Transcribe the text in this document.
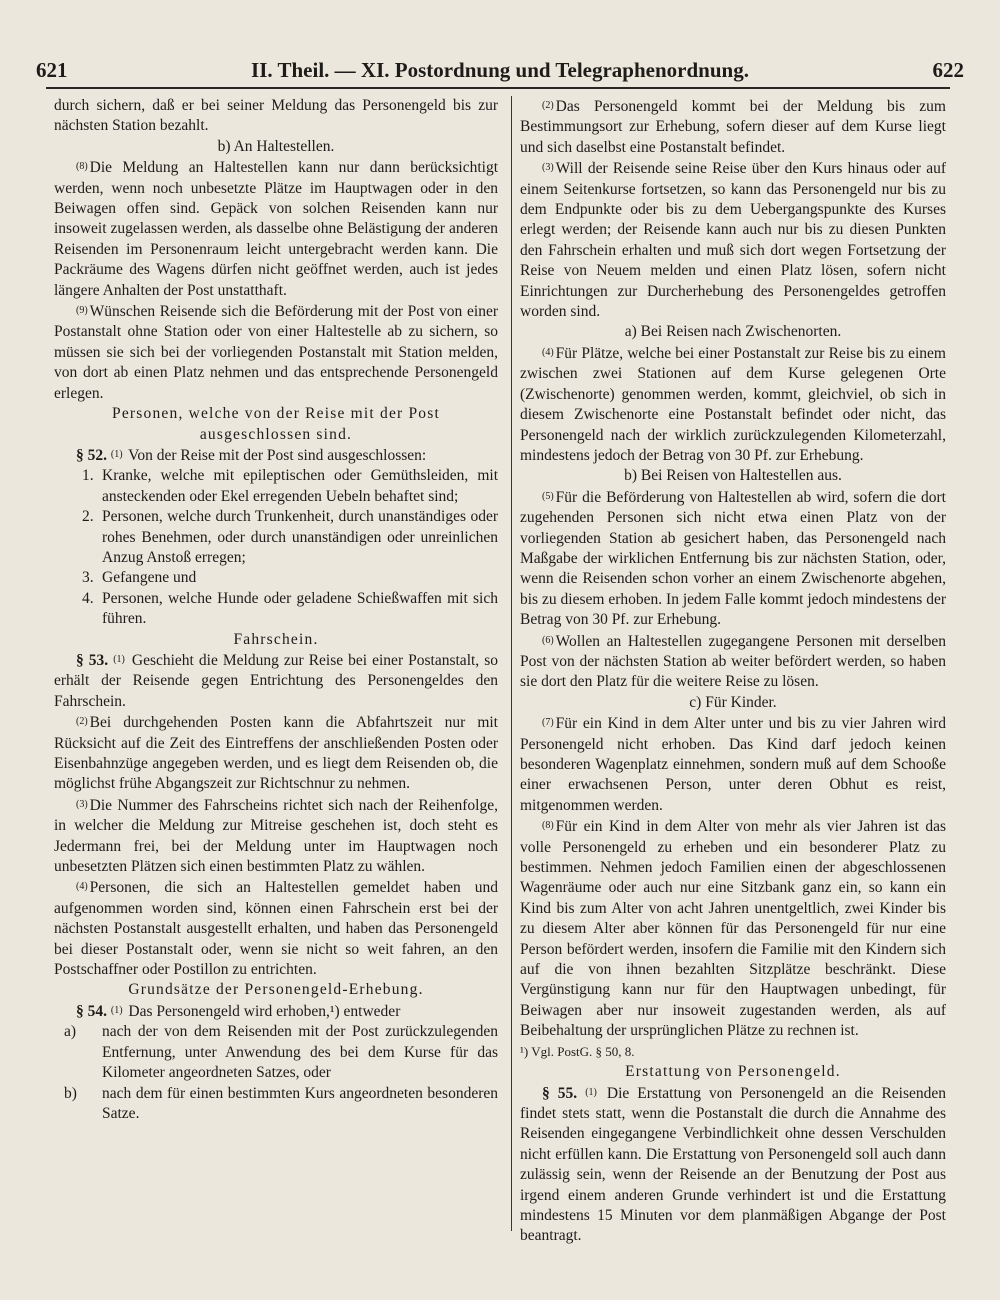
621	II. Theil. — XI. Postordnung und Telegraphenordnung.	622

durch sichern, daß er bei seiner Meldung das Personengeld bis zur nächsten Station bezahlt.

b) An Haltestellen.

$^{(8)}$ Die Meldung an Haltestellen kann nur dann berücksichtigt werden, wenn noch unbesetzte Plätze im Hauptwagen oder in den Beiwagen offen sind. Gepäck von solchen Reisenden kann nur insoweit zugelassen werden, als dasselbe ohne Belästigung der anderen Reisenden im Personenraum leicht untergebracht werden kann. Die Packräume des Wagens dürfen nicht geöffnet werden, auch ist jedes längere Anhalten der Post unstatthaft.

$^{(9)}$ Wünschen Reisende sich die Beförderung mit der Post von einer Postanstalt ohne Station oder von einer Haltestelle ab zu sichern, so müssen sie sich bei der vorliegenden Postanstalt mit Station melden, von dort ab einen Platz nehmen und das entsprechende Personengeld erlegen.

Personen, welche von der Reise mit der Post ausgeschlossen sind.

§ 52. $^{(1)}$ Von der Reise mit der Post sind ausgeschlossen:

1. Kranke, welche mit epileptischen oder Gemüthsleiden, mit ansteckenden oder Ekel erregenden Uebeln behaftet sind;
2. Personen, welche durch Trunkenheit, durch unanständiges oder rohes Benehmen, oder durch unanständigen oder unreinlichen Anzug Anstoß erregen;
3. Gefangene und
4. Personen, welche Hunde oder geladene Schießwaffen mit sich führen.

Fahrschein.

§ 53. $^{(1)}$ Geschieht die Meldung zur Reise bei einer Postanstalt, so erhält der Reisende gegen Entrichtung des Personengeldes den Fahrschein.

$^{(2)}$ Bei durchgehenden Posten kann die Abfahrtszeit nur mit Rücksicht auf die Zeit des Eintreffens der anschließenden Posten oder Eisenbahnzüge angegeben werden, und es liegt dem Reisenden ob, die möglichst frühe Abgangszeit zur Richtschnur zu nehmen.

$^{(3)}$ Die Nummer des Fahrscheins richtet sich nach der Reihenfolge, in welcher die Meldung zur Mitreise geschehen ist, doch steht es Jedermann frei, bei der Meldung unter im Hauptwagen noch unbesetzten Plätzen sich einen bestimmten Platz zu wählen.

$^{(4)}$ Personen, die sich an Haltestellen gemeldet haben und aufgenommen worden sind, können einen Fahrschein erst bei der nächsten Postanstalt ausgestellt erhalten, und haben das Personengeld bei dieser Postanstalt oder, wenn sie nicht so weit fahren, an den Postschaffner oder Postillon zu entrichten.

Grundsätze der Personengeld-Erhebung.

§ 54. $^{(1)}$ Das Personengeld wird erhoben,¹) entweder

a) nach der von dem Reisenden mit der Post zurückzulegenden Entfernung, unter Anwendung des bei dem Kurse für das Kilometer angeordneten Satzes, oder
b) nach dem für einen bestimmten Kurs angeordneten besonderen Satze.

$^{(2)}$ Das Personengeld kommt bei der Meldung bis zum Bestimmungsort zur Erhebung, sofern dieser auf dem Kurse liegt und sich daselbst eine Postanstalt befindet.

$^{(3)}$ Will der Reisende seine Reise über den Kurs hinaus oder auf einem Seitenkurse fortsetzen, so kann das Personengeld nur bis zu dem Endpunkte oder bis zu dem Uebergangspunkte des Kurses erlegt werden; der Reisende kann auch nur bis zu diesen Punkten den Fahrschein erhalten und muß sich dort wegen Fortsetzung der Reise von Neuem melden und einen Platz lösen, sofern nicht Einrichtungen zur Durcherhebung des Personengeldes getroffen worden sind.

a) Bei Reisen nach Zwischenorten.

$^{(4)}$ Für Plätze, welche bei einer Postanstalt zur Reise bis zu einem zwischen zwei Stationen auf dem Kurse gelegenen Orte (Zwischenorte) genommen werden, kommt, gleichviel, ob sich in diesem Zwischenorte eine Postanstalt befindet oder nicht, das Personengeld nach der wirklich zurückzulegenden Kilometerzahl, mindestens jedoch der Betrag von 30 Pf. zur Erhebung.

b) Bei Reisen von Haltestellen aus.

$^{(5)}$ Für die Beförderung von Haltestellen ab wird, sofern die dort zugehenden Personen sich nicht etwa einen Platz von der vorliegenden Station ab gesichert haben, das Personengeld nach Maßgabe der wirklichen Entfernung bis zur nächsten Station, oder, wenn die Reisenden schon vorher an einem Zwischenorte abgehen, bis zu diesem erhoben. In jedem Falle kommt jedoch mindestens der Betrag von 30 Pf. zur Erhebung.

$^{(6)}$ Wollen an Haltestellen zugegangene Personen mit derselben Post von der nächsten Station ab weiter befördert werden, so haben sie dort den Platz für die weitere Reise zu lösen.

c) Für Kinder.

$^{(7)}$ Für ein Kind in dem Alter unter und bis zu vier Jahren wird Personengeld nicht erhoben. Das Kind darf jedoch keinen besonderen Wagenplatz einnehmen, sondern muß auf dem Schooße einer erwachsenen Person, unter deren Obhut es reist, mitgenommen werden.

$^{(8)}$ Für ein Kind in dem Alter von mehr als vier Jahren ist das volle Personengeld zu erheben und ein besonderer Platz zu bestimmen. Nehmen jedoch Familien einen der abgeschlossenen Wagenräume oder auch nur eine Sitzbank ganz ein, so kann ein Kind bis zum Alter von acht Jahren unentgeltlich, zwei Kinder bis zu diesem Alter aber können für das Personengeld für nur eine Person befördert werden, insofern die Familie mit den Kindern sich auf die von ihnen bezahlten Sitzplätze beschränkt. Diese Vergünstigung kann nur für den Hauptwagen unbedingt, für Beiwagen aber nur insoweit zugestanden werden, als auf Beibehaltung der ursprünglichen Plätze zu rechnen ist.

¹) Vgl. PostG. § 50, 8.

Erstattung von Personengeld.

§ 55. $^{(1)}$ Die Erstattung von Personengeld an die Reisenden findet stets statt, wenn die Postanstalt die durch die Annahme des Reisenden eingegangene Verbindlichkeit ohne dessen Verschulden nicht erfüllen kann. Die Erstattung von Personengeld soll auch dann zulässig sein, wenn der Reisende an der Benutzung der Post aus irgend einem anderen Grunde verhindert ist und die Erstattung mindestens 15 Minuten vor dem planmäßigen Abgange der Post beantragt.
